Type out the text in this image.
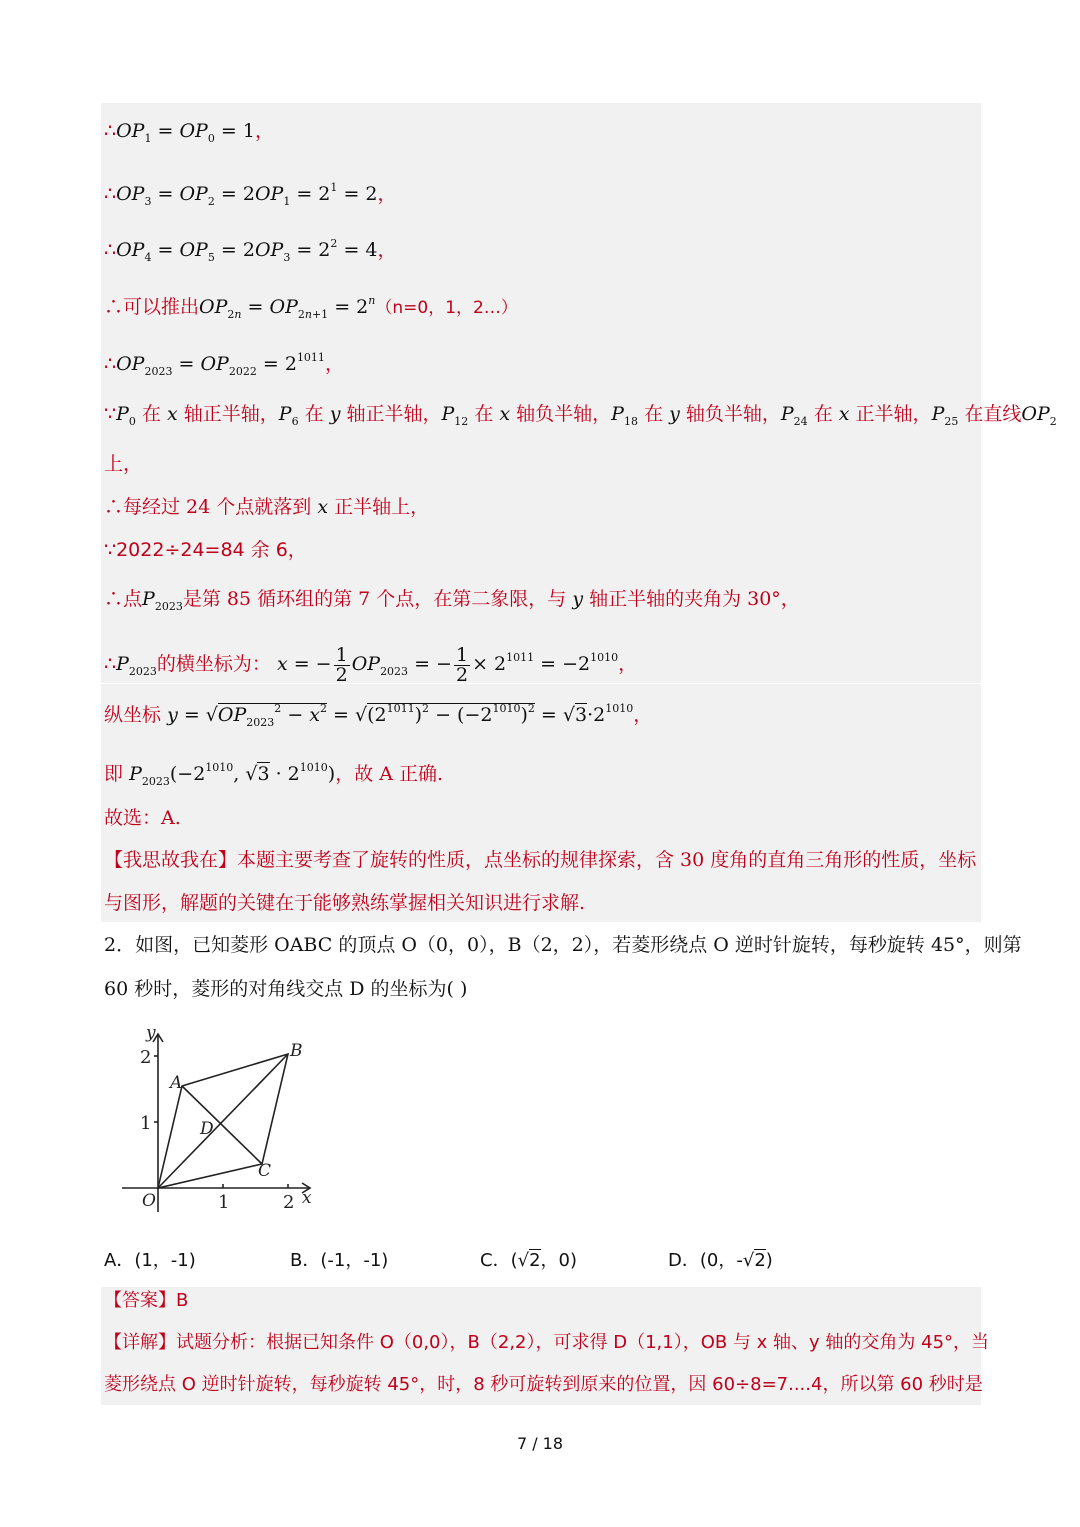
$\therefore OP_1 = OP_0 = 1$，
$\therefore OP_3 = OP_2 = 2OP_1 = 2^1 = 2$，
$\therefore OP_4 = OP_5 = 2OP_3 = 2^2 = 4$，
∴可以推出$OP_{2n} = OP_{2n+1} = 2^n(n=0$，1，2…）
$\therefore OP_{2023} = OP_{2022} = 2^{1011}$，
$\because P_0$ 在 x 轴正半轴，$P_6$ 在 y 轴正半轴，$P_{12}$ 在 x 轴负半轴，$P_{18}$ 在 y 轴负半轴，$P_{24}$ 在 x 正半轴，$P_{25}$ 在直线$OP_2$
上，
∴每经过 24 个点就落到 x 正半轴上，
∵2022÷24=84 余 6，
∴点$P_{2023}$是第 85 循环组的第 7 个点，在第二象限，与 y 轴正半轴的夹角为 30°，
$\therefore P_{2023}$的横坐标为： x = − $\frac{1}{2} OP_{2023}$ = − $\frac{1}{2} \times 2^{1011} = -2^{1010}$，
纵坐标 $y = √OP_{2023}^2 - x^2 = √(2^{1011})^2 - (-2^{1010})^2 = √3\cdot 2^{1010}$，
即 $P_{2023}(-2^{1010}$, $√3 \cdot 2^{1010}$)，故 A 正确.
故选：A.
【我思故我在】本题主要考查了旋转的性质，点坐标的规律探索，含 30 度角的直角三角形的性质，坐标
与图形，解题的关键在于能够熟练掌握相关知识进行求解.
2．如图，已知菱形 OABC 的顶点 O（0，0），B（2，2），若菱形绕点 O 逆时针旋转，每秒旋转 45°，则第
60 秒时，菱形的对角线交点 D 的坐标为( )
y
x
O
A
B
C
D
2
1
1	2
A．(1，-1)	B．(-1，-1)	C．(√2，0)	D．(0，-√2)
【答案】B
【详解】试题分析：根据已知条件 O（0,0），B（2,2），可求得 D（1,1），OB 与 x 轴、y 轴的交角为 45°，当
菱形绕点 O 逆时针旋转，每秒旋转 45°，时，8 秒可旋转到原来的位置，因 60÷8=7....4，所以第 60 秒时是
7 / 18
